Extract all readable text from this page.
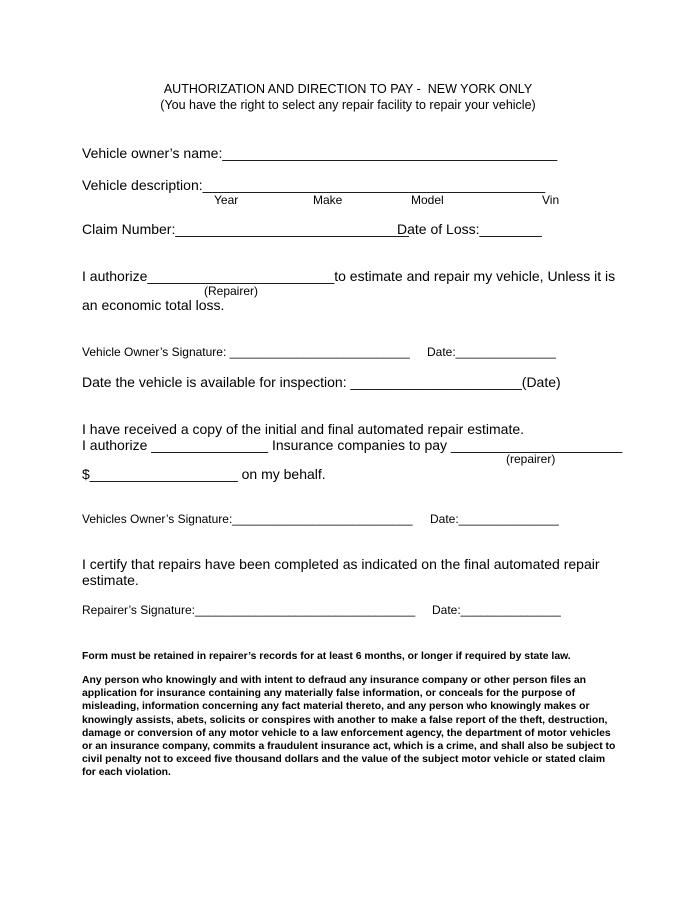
AUTHORIZATION AND DIRECTION TO PAY -  NEW YORK ONLY
(You have the right to select any repair facility to repair your vehicle)
Vehicle owner’s name:___________________________________________
Vehicle description:____________________________________________
Year	Make	Model	Vin
Claim Number:______________________________
Date of Loss:________
I authorize________________________to estimate and repair my vehicle, Unless it is
(Repairer)
an economic total loss.
Vehicle Owner’s Signature: ___________________________ Date:_______________
Date the vehicle is available for inspection: ______________________(Date)
I have received a copy of the initial and final automated repair estimate.
I authorize _______________ Insurance companies to pay ______________________
(repairer)
$___________________ on my behalf.
Vehicles Owner’s Signature:___________________________ Date:_______________
I certify that repairs have been completed as indicated on the final automated repair estimate.
Repairer’s Signature:_________________________________ Date:_______________
Form must be retained in repairer’s records for at least 6 months, or longer if required by state law.
Any person who knowingly and with intent to defraud any insurance company or other person files an application for insurance containing any materially false information, or conceals for the purpose of misleading, information concerning any fact material thereto, and any person who knowingly makes or knowingly assists, abets, solicits or conspires with another to make a false report of the theft, destruction, damage or conversion of any motor vehicle to a law enforcement agency, the department of motor vehicles or an insurance company, commits a fraudulent insurance act, which is a crime, and shall also be subject to civil penalty not to exceed five thousand dollars and the value of the subject motor vehicle or stated claim for each violation.
